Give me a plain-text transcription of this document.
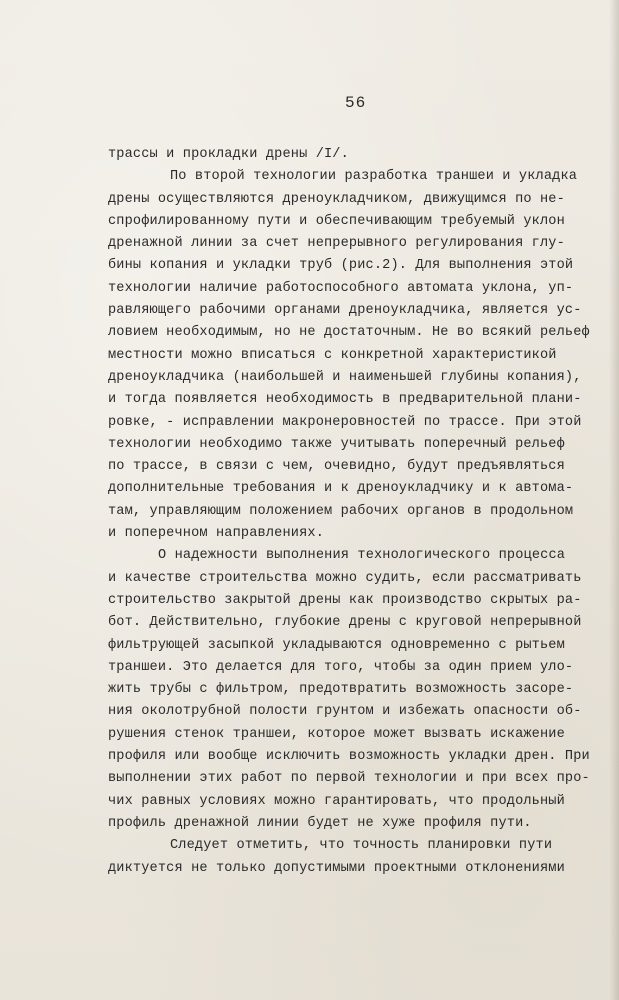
56
трассы и прокладки дрены /I/.
По второй технологии разработка траншеи и укладка
дрены осуществляются дреноукладчиком, движущимся по не-
спрофилированному пути и обеспечивающим требуемый уклон
дренажной линии за счет непрерывного регулирования глу-
бины копания и укладки труб (рис.2). Для выполнения этой
технологии наличие работоспособного автомата уклона, уп-
равляющего рабочими органами дреноукладчика, является ус-
ловием необходимым, но не достаточным. Не во всякий рельеф
местности можно вписаться с конкретной характеристикой
дреноукладчика (наибольшей и наименьшей глубины копания),
и тогда появляется необходимость в предварительной плани-
ровке, - исправлении макронеровностей по трассе. При этой
технологии необходимо также учитывать поперечный рельеф
по трассе, в связи с чем, очевидно, будут предъявляться
дополнительные требования и к дреноукладчику и к автома-
там, управляющим положением рабочих органов в продольном
и поперечном направлениях.
О надежности выполнения технологического процесса
и качестве строительства можно судить, если рассматривать
строительство закрытой дрены как производство скрытых ра-
бот. Действительно, глубокие дрены с круговой непрерывной
фильтрующей засыпкой укладываются одновременно с рытьем
траншеи. Это делается для того, чтобы за один прием уло-
жить трубы с фильтром, предотвратить возможность засоре-
ния околотрубной полости грунтом и избежать опасности об-
рушения стенок траншеи, которое может вызвать искажение
профиля или вообще исключить возможность укладки дрен. При
выполнении этих работ по первой технологии и при всех про-
чих равных условиях можно гарантировать, что продольный
профиль дренажной линии будет не хуже профиля пути.
Следует отметить, что точность планировки пути
диктуется не только допустимыми проектными отклонениями
